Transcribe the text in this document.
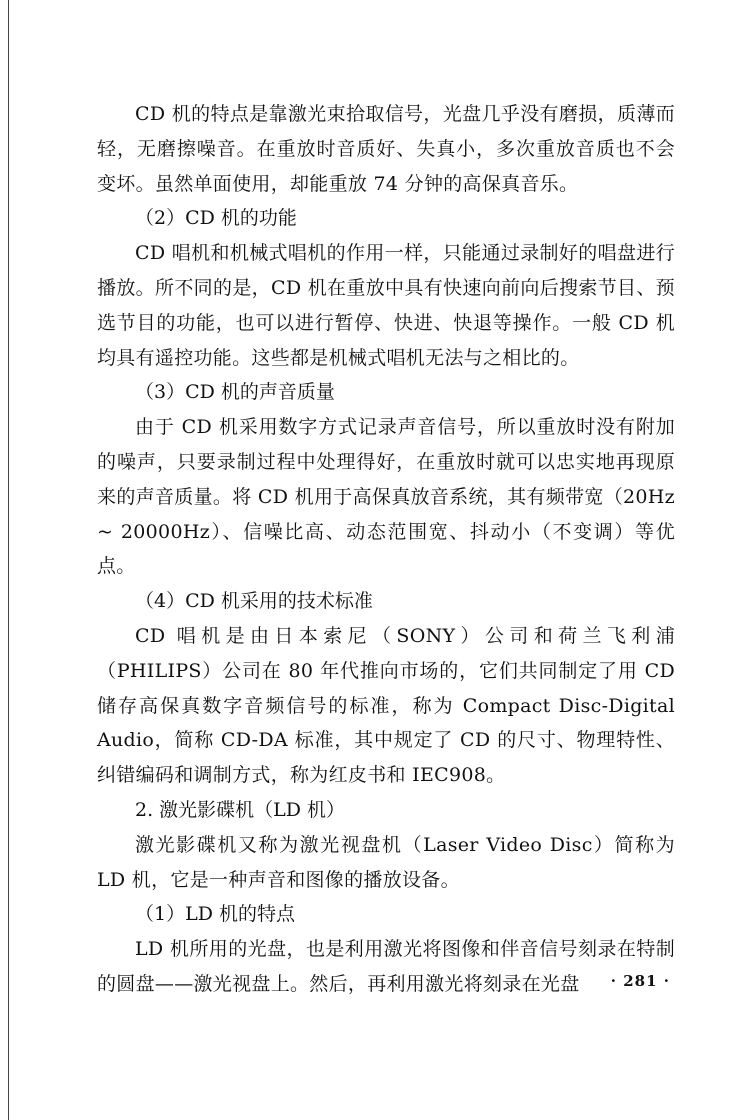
CD 机的特点是靠激光束拾取信号，光盘几乎没有磨损，质薄而轻，无磨擦噪音。在重放时音质好、失真小，多次重放音质也不会变坏。虽然单面使用，却能重放 74 分钟的高保真音乐。

（2）CD 机的功能

CD 唱机和机械式唱机的作用一样，只能通过录制好的唱盘进行播放。所不同的是，CD 机在重放中具有快速向前向后搜索节目、预选节目的功能，也可以进行暂停、快进、快退等操作。一般 CD 机均具有遥控功能。这些都是机械式唱机无法与之相比的。

（3）CD 机的声音质量

由于 CD 机采用数字方式记录声音信号，所以重放时没有附加的噪声，只要录制过程中处理得好，在重放时就可以忠实地再现原来的声音质量。将 CD 机用于高保真放音系统，其有频带宽（20Hz ~ 20000Hz）、信噪比高、动态范围宽、抖动小（不变调）等优点。

（4）CD 机采用的技术标准

CD 唱机是由日本索尼（SONY）公司和荷兰飞利浦（PHILIPS）公司在 80 年代推向市场的，它们共同制定了用 CD 储存高保真数字音频信号的标准，称为 Compact Disc-Digital Audio，简称 CD-DA 标准，其中规定了 CD 的尺寸、物理特性、纠错编码和调制方式，称为红皮书和 IEC908。

2. 激光影碟机（LD 机）

激光影碟机又称为激光视盘机（Laser Video Disc）简称为 LD 机，它是一种声音和图像的播放设备。

（1）LD 机的特点

LD 机所用的光盘，也是利用激光将图像和伴音信号刻录在特制的圆盘——激光视盘上。然后，再利用激光将刻录在光盘	· 281 ·
